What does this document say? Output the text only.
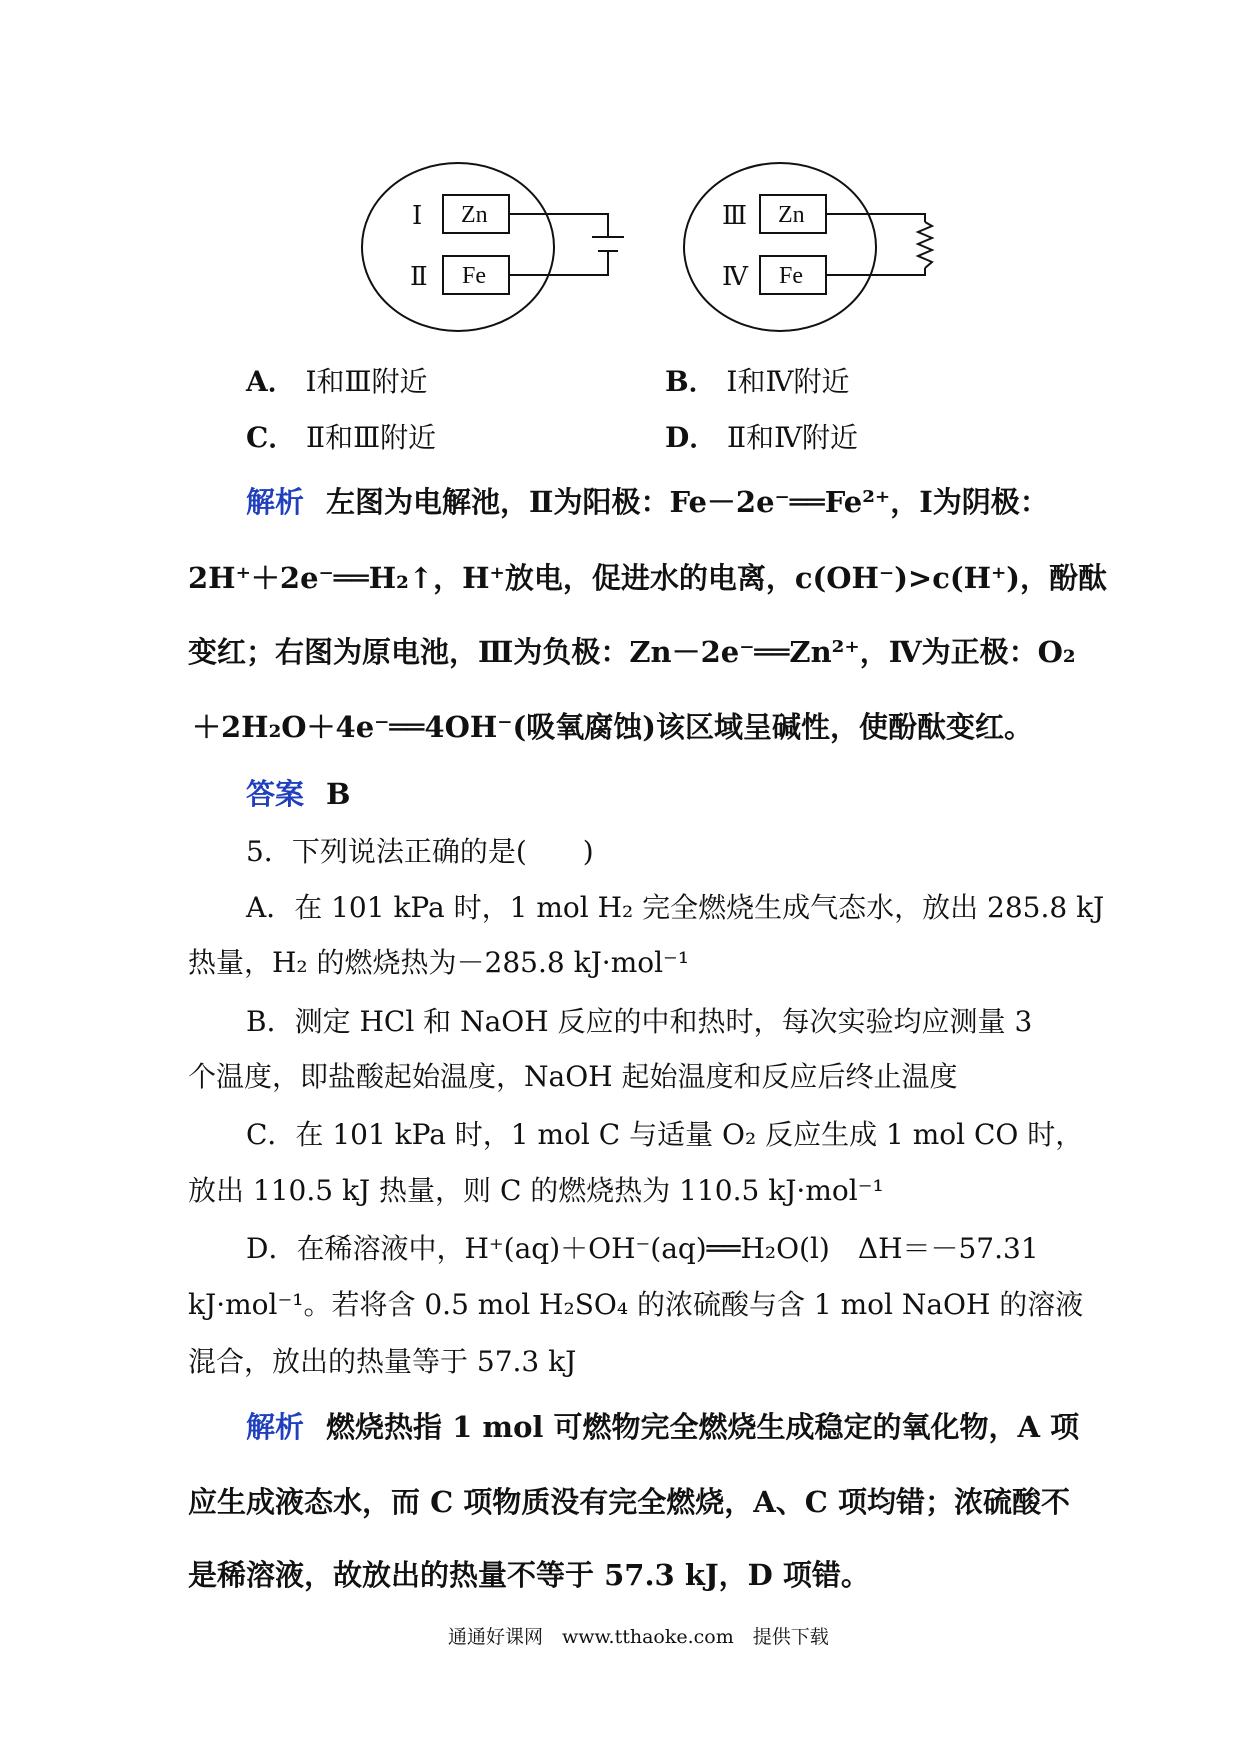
Ⅰ
Ⅱ
Zn
Fe
Ⅲ
Ⅳ
Zn
Fe
A． Ⅰ和Ⅲ附近	B． Ⅰ和Ⅳ附近
C． Ⅱ和Ⅲ附近	D． Ⅱ和Ⅳ附近
解析 左图为电解池，Ⅱ为阳极：Fe－2e⁻══Fe²⁺，Ⅰ为阴极：
2H⁺＋2e⁻══H₂↑，H⁺放电，促进水的电离，c(OH⁻)>c(H⁺)，酚酞
变红；右图为原电池，Ⅲ为负极：Zn－2e⁻══Zn²⁺，Ⅳ为正极：O₂
＋2H₂O＋4e⁻══4OH⁻(吸氧腐蚀)该区域呈碱性，使酚酞变红。
答案 B
5．下列说法正确的是(　　)
A．在 101 kPa 时，1 mol H₂ 完全燃烧生成气态水，放出 285.8 kJ
热量，H₂ 的燃烧热为－285.8 kJ·mol⁻¹
B．测定 HCl 和 NaOH 反应的中和热时，每次实验均应测量 3
个温度，即盐酸起始温度，NaOH 起始温度和反应后终止温度
C．在 101 kPa 时，1 mol C 与适量 O₂ 反应生成 1 mol CO 时，
放出 110.5 kJ 热量，则 C 的燃烧热为 110.5 kJ·mol⁻¹
D．在稀溶液中，H⁺(aq)＋OH⁻(aq)══H₂O(l)　ΔH＝－57.31
kJ·mol⁻¹。若将含 0.5 mol H₂SO₄ 的浓硫酸与含 1 mol NaOH 的溶液
混合，放出的热量等于 57.3 kJ
解析 燃烧热指 1 mol 可燃物完全燃烧生成稳定的氧化物，A 项
应生成液态水，而 C 项物质没有完全燃烧，A、C 项均错；浓硫酸不
是稀溶液，故放出的热量不等于 57.3 kJ，D 项错。
通通好课网　www.tthaoke.com　提供下载
